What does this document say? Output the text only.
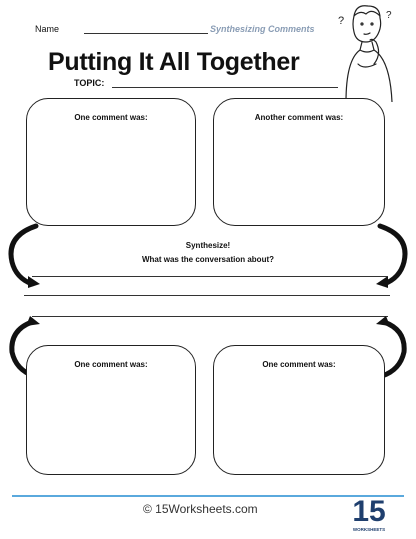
Name	Synthesizing Comments
Putting It All Together
TOPIC:
?	?
One comment was:	Another comment was:
Synthesize!
What was the conversation about?
One comment was:	One comment was:
© 15Worksheets.com	15
WORKSHEETS
